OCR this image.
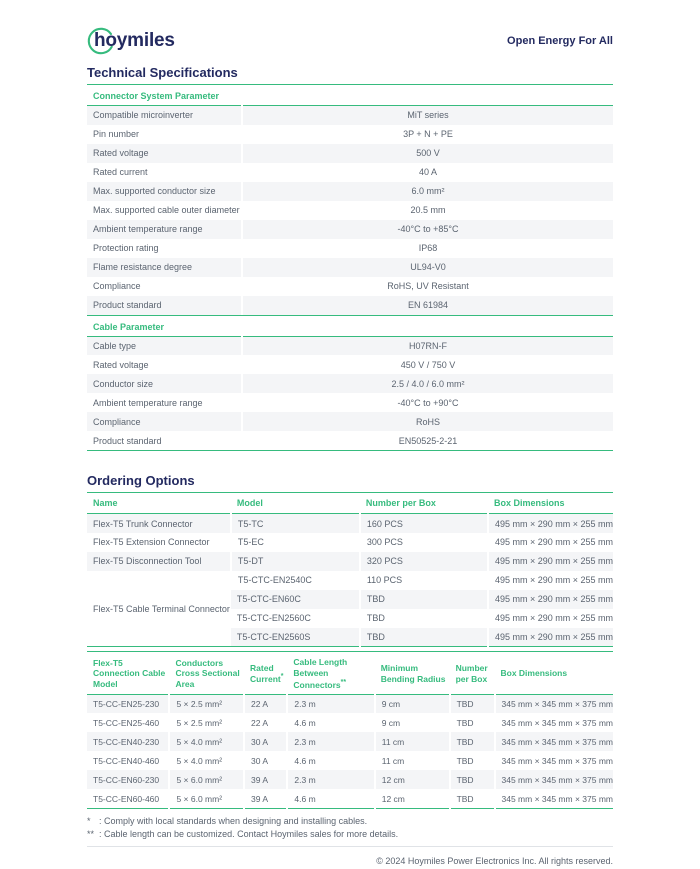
hoymiles	Open Energy For All
Technical Specifications
Connector System Parameter
Compatible microinverter	MiT series
Pin number	3P + N + PE
Rated voltage	500 V
Rated current	40 A
Max. supported conductor size	6.0 mm²
Max. supported cable outer diameter	20.5 mm
Ambient temperature range	-40°C to +85°C
Protection rating	IP68
Flame resistance degree	UL94-V0
Compliance	RoHS, UV Resistant
Product standard	EN 61984
Cable Parameter
Cable type	H07RN-F
Rated voltage	450 V / 750 V
Conductor size	2.5 / 4.0 / 6.0 mm²
Ambient temperature range	-40°C to +90°C
Compliance	RoHS
Product standard	EN50525-2-21
Ordering Options
Name	Model	Number per Box	Box Dimensions
Flex-T5 Trunk Connector	T5-TC	160 PCS	495 mm × 290 mm × 255 mm
Flex-T5 Extension Connector	T5-EC	300 PCS	495 mm × 290 mm × 255 mm
Flex-T5 Disconnection Tool	T5-DT	320 PCS	495 mm × 290 mm × 255 mm
Flex-T5 Cable Terminal Connector	T5-CTC-EN2540C	110 PCS	495 mm × 290 mm × 255 mm
	T5-CTC-EN60C	TBD	495 mm × 290 mm × 255 mm
	T5-CTC-EN2560C	TBD	495 mm × 290 mm × 255 mm
	T5-CTC-EN2560S	TBD	495 mm × 290 mm × 255 mm
Flex-T5 Connection Cable Model	Conductors Cross Sectional Area	Rated Current*	Cable Length Between Connectors**	Minimum Bending Radius	Number per Box	Box Dimensions
T5-CC-EN25-230	5 × 2.5 mm²	22 A	2.3 m	9 cm	TBD	345 mm × 345 mm × 375 mm
T5-CC-EN25-460	5 × 2.5 mm²	22 A	4.6 m	9 cm	TBD	345 mm × 345 mm × 375 mm
T5-CC-EN40-230	5 × 4.0 mm²	30 A	2.3 m	11 cm	TBD	345 mm × 345 mm × 375 mm
T5-CC-EN40-460	5 × 4.0 mm²	30 A	4.6 m	11 cm	TBD	345 mm × 345 mm × 375 mm
T5-CC-EN60-230	5 × 6.0 mm²	39 A	2.3 m	12 cm	TBD	345 mm × 345 mm × 375 mm
T5-CC-EN60-460	5 × 6.0 mm²	39 A	4.6 m	12 cm	TBD	345 mm × 345 mm × 375 mm
* : Comply with local standards when designing and installing cables.
** : Cable length can be customized. Contact Hoymiles sales for more details.
© 2024 Hoymiles Power Electronics Inc. All rights reserved.
